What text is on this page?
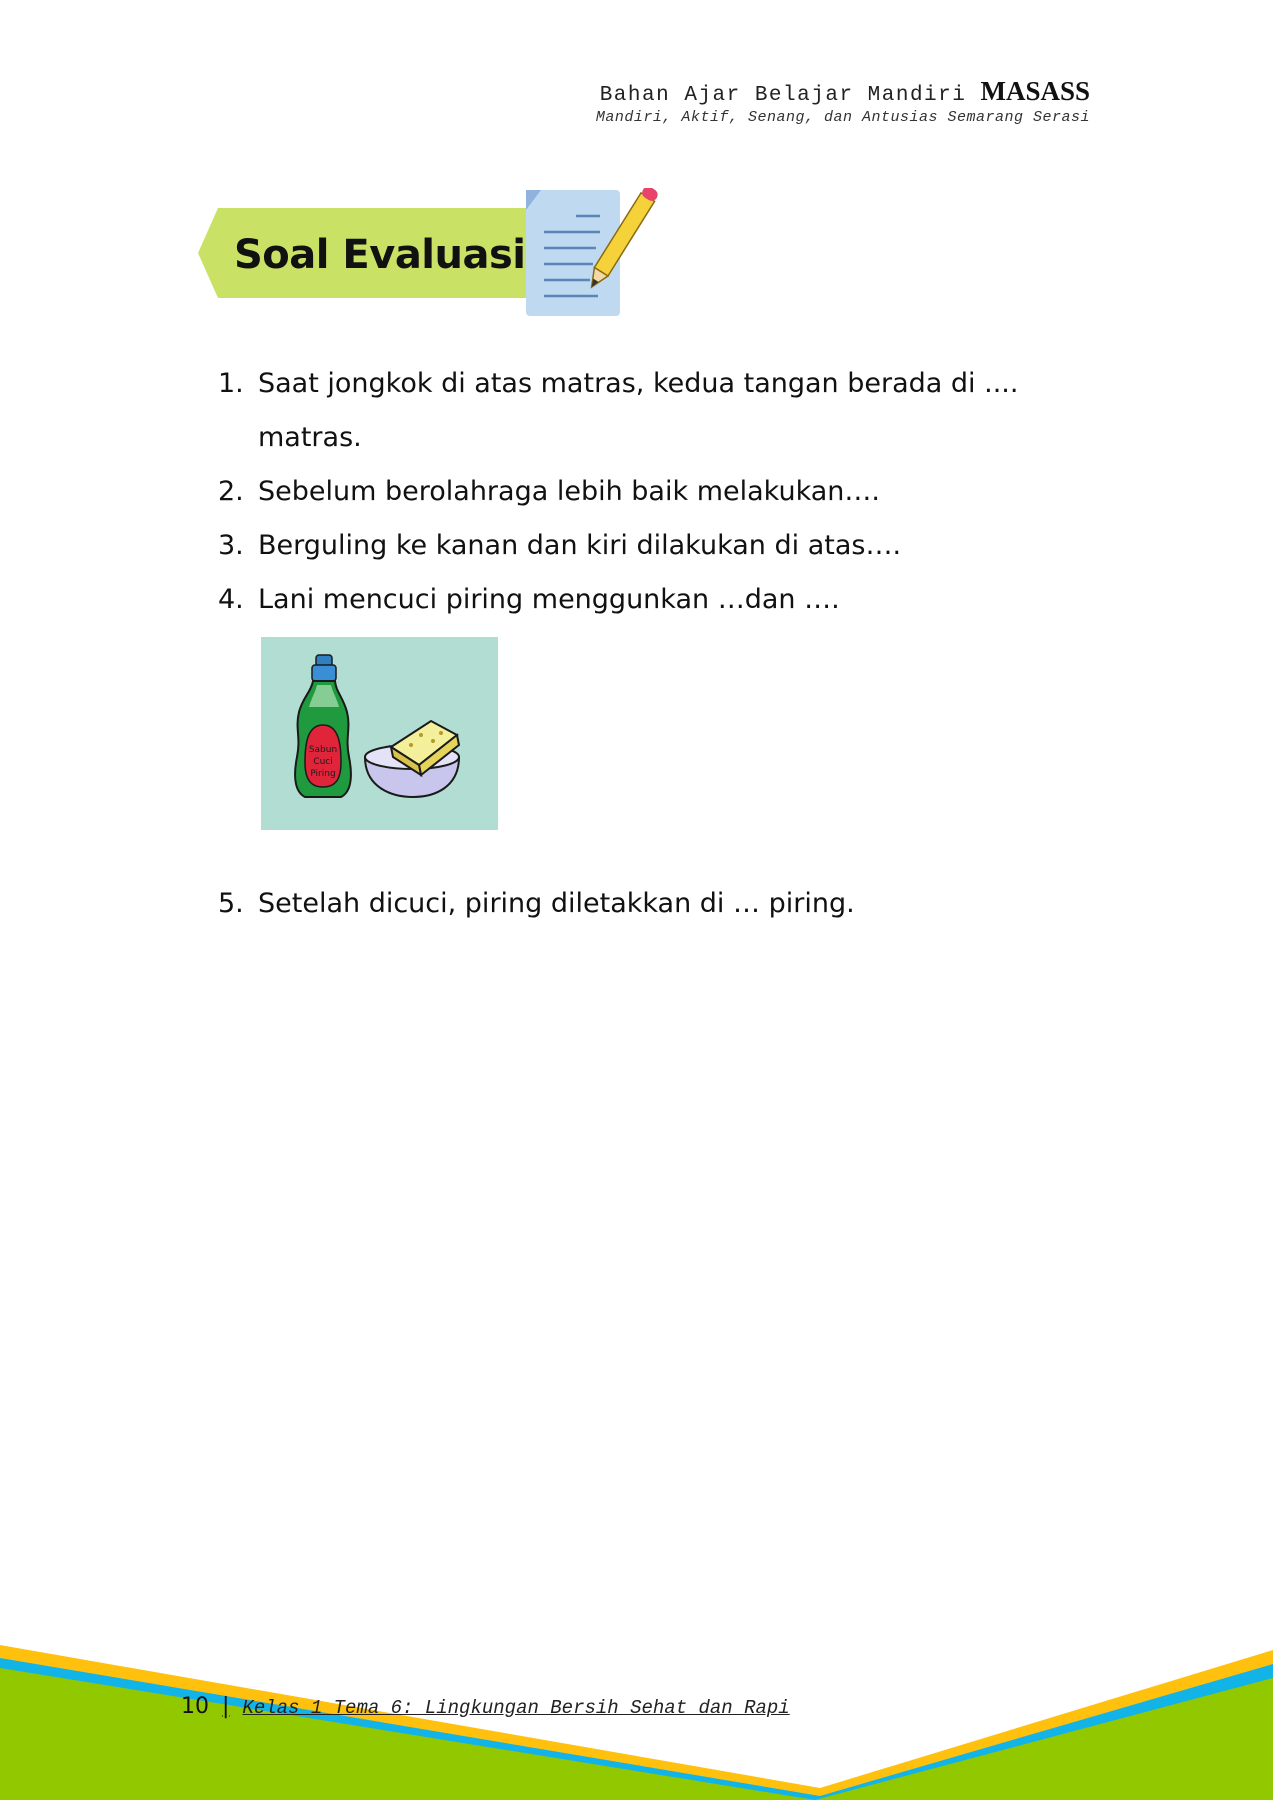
Bahan Ajar Belajar Mandiri MASASS
Mandiri, Aktif, Senang, dan Antusias Semarang Serasi
Soal Evaluasi
1. Saat jongkok di atas matras, kedua tangan berada di ....
matras.
2. Sebelum berolahraga lebih baik melakukan….
3. Berguling ke kanan dan kiri dilakukan di atas….
4. Lani mencuci piring menggunkan …dan ….
5. Setelah dicuci, piring diletakkan di … piring.
Sabun
Cuci
Piring
10 | Kelas 1 Tema 6: Lingkungan Bersih Sehat dan Rapi
